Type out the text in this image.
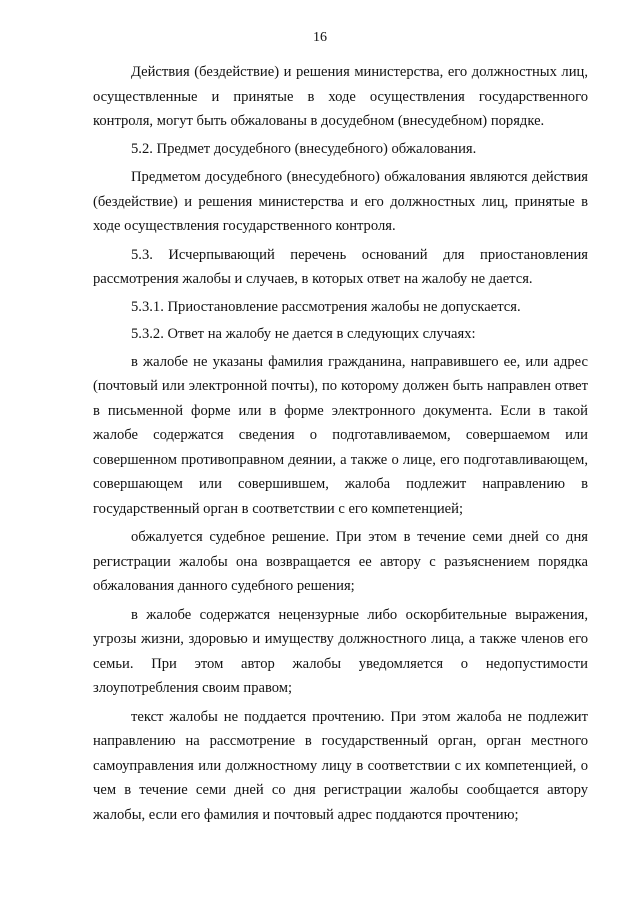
16

Действия (бездействие) и решения министерства, его должностных лиц, осуществленные и принятые в ходе осуществления государственного контроля, могут быть обжалованы в досудебном (внесудебном) порядке.

5.2. Предмет досудебного (внесудебного) обжалования.

Предметом досудебного (внесудебного) обжалования являются действия (бездействие) и решения министерства и его должностных лиц, принятые в ходе осуществления государственного контроля.

5.3. Исчерпывающий перечень оснований для приостановления рассмотрения жалобы и случаев, в которых ответ на жалобу не дается.

5.3.1. Приостановление рассмотрения жалобы не допускается.

5.3.2. Ответ на жалобу не дается в следующих случаях:

в жалобе не указаны фамилия гражданина, направившего ее, или адрес (почтовый или электронной почты), по которому должен быть направлен ответ в письменной форме или в форме электронного документа. Если в такой жалобе содержатся сведения о подготавливаемом, совершаемом или совершенном противоправном деянии, а также о лице, его подготавливающем, совершающем или совершившем, жалоба подлежит направлению в государственный орган в соответствии с его компетенцией;

обжалуется судебное решение. При этом в течение семи дней со дня регистрации жалобы она возвращается ее автору с разъяснением порядка обжалования данного судебного решения;

в жалобе содержатся нецензурные либо оскорбительные выражения, угрозы жизни, здоровью и имуществу должностного лица, а также членов его семьи. При этом автор жалобы уведомляется о недопустимости злоупотребления своим правом;

текст жалобы не поддается прочтению. При этом жалоба не подлежит направлению на рассмотрение в государственный орган, орган местного самоуправления или должностному лицу в соответствии с их компетенцией, о чем в течение семи дней со дня регистрации жалобы сообщается автору жалобы, если его фамилия и почтовый адрес поддаются прочтению;
